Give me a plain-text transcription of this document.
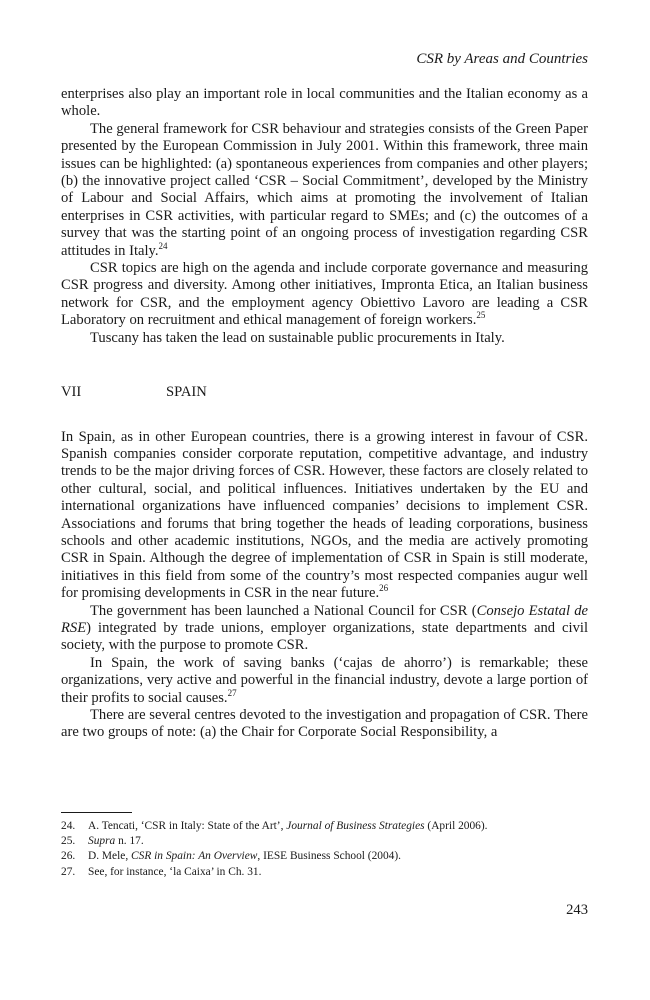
CSR by Areas and Countries

enterprises also play an important role in local communities and the Italian economy as a whole.

The general framework for CSR behaviour and strategies consists of the Green Paper presented by the European Commission in July 2001. Within this framework, three main issues can be highlighted: (a) spontaneous experiences from companies and other players; (b) the innovative project called ‘CSR – Social Commitment’, developed by the Ministry of Labour and Social Affairs, which aims at promoting the involvement of Italian enterprises in CSR activities, with particular regard to SMEs; and (c) the outcomes of a survey that was the starting point of an ongoing process of investigation regarding CSR attitudes in Italy.$^{24}$

CSR topics are high on the agenda and include corporate governance and measuring CSR progress and diversity. Among other initiatives, Impronta Etica, an Italian business network for CSR, and the employment agency Obiettivo Lavoro are leading a CSR Laboratory on recruitment and ethical management of foreign workers.$^{25}$

Tuscany has taken the lead on sustainable public procurements in Italy.

VII	SPAIN

In Spain, as in other European countries, there is a growing interest in favour of CSR. Spanish companies consider corporate reputation, competitive advantage, and industry trends to be the major driving forces of CSR. However, these factors are closely related to other cultural, social, and political influences. Initiatives undertaken by the EU and international organizations have influenced companies’ decisions to implement CSR. Associations and forums that bring together the heads of leading corporations, business schools and other academic institutions, NGOs, and the media are actively promoting CSR in Spain. Although the degree of implementation of CSR in Spain is still moderate, initiatives in this field from some of the country’s most respected companies augur well for promising developments in CSR in the near future.$^{26}$

The government has been launched a National Council for CSR (Consejo Estatal de RSE) integrated by trade unions, employer organizations, state departments and civil society, with the purpose to promote CSR.

In Spain, the work of saving banks (‘cajas de ahorro’) is remarkable; these organizations, very active and powerful in the financial industry, devote a large portion of their profits to social causes.$^{27}$

There are several centres devoted to the investigation and propagation of CSR. There are two groups of note: (a) the Chair for Corporate Social Responsibility, a

24.	A. Tencati, ‘CSR in Italy: State of the Art’, Journal of Business Strategies (April 2006).
25.	Supra n. 17.
26.	D. Mele, CSR in Spain: An Overview, IESE Business School (2004).
27.	See, for instance, ‘la Caixa’ in Ch. 31.
243
